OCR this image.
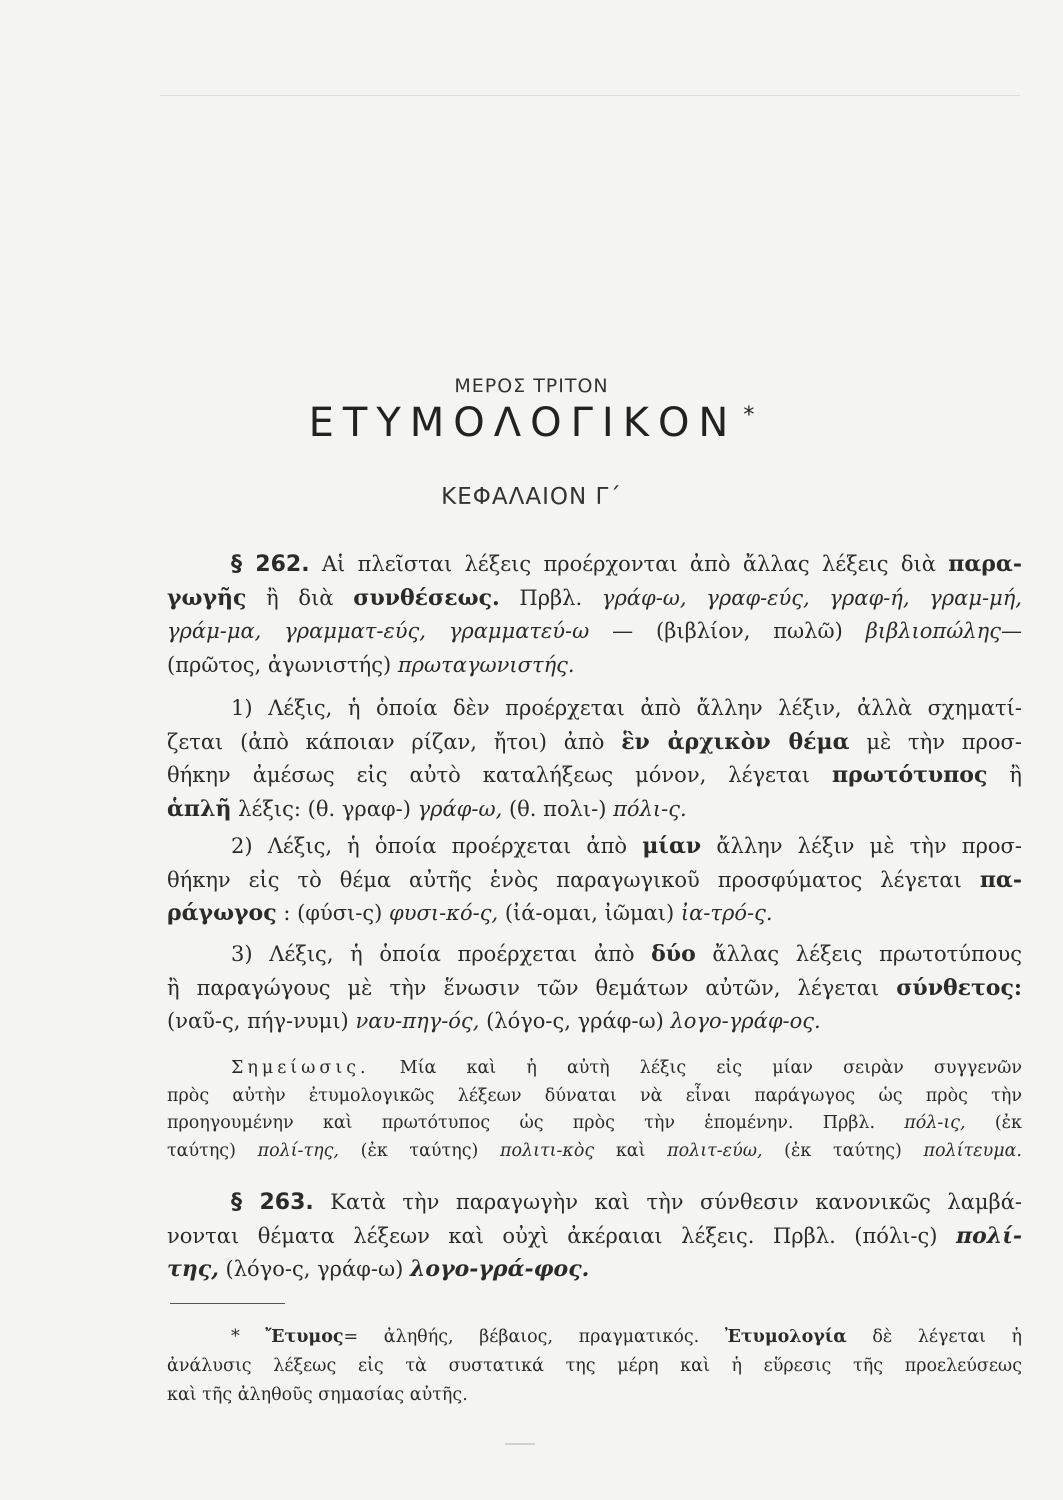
ΜΕΡΟΣ ΤΡΙΤΟΝ
ΕΤΥΜΟΛΟΓΙΚΟΝ *
ΚΕΦΑΛΑΙΟΝ Γ΄
§ 262. Αἱ πλεῖσται λέξεις προέρχονται ἀπὸ ἄλλας λέξεις διὰ παρα-
γωγῆς ἢ διὰ συνθέσεως. Πρβλ. γράφ-ω, γραφ-εύς, γραφ-ή, γραμ-μή,
γράμ-μα, γραμματ-εύς, γραμματεύ-ω — (βιβλίον, πωλῶ) βιβλιοπώλης—
(πρῶτος, ἀγωνιστής) πρωταγωνιστής.
1) Λέξις, ἡ ὁποία δὲν προέρχεται ἀπὸ ἄλλην λέξιν, ἀλλὰ σχηματί-
ζεται (ἀπὸ κάποιαν ρίζαν, ἤτοι) ἀπὸ ἓν ἀρχικὸν θέμα μὲ τὴν προσ-
θήκην ἀμέσως εἰς αὐτὸ καταλήξεως μόνον, λέγεται πρωτότυπος ἢ
ἁπλῆ λέξις: (θ. γραφ-) γράφ-ω, (θ. πολι-) πόλι-ς.
2) Λέξις, ἡ ὁποία προέρχεται ἀπὸ μίαν ἄλλην λέξιν μὲ τὴν προσ-
θήκην εἰς τὸ θέμα αὐτῆς ἑνὸς παραγωγικοῦ προσφύματος λέγεται πα-
ράγωγος : (φύσι-ς) φυσι-κό-ς, (ἰά-ομαι, ἰῶμαι) ἰα-τρό-ς.
3) Λέξις, ἡ ὁποία προέρχεται ἀπὸ δύο ἄλλας λέξεις πρωτοτύπους
ἢ παραγώγους μὲ τὴν ἕνωσιν τῶν θεμάτων αὐτῶν, λέγεται σύνθετος:
(ναῦ-ς, πήγ-νυμι) ναυ-πηγ-ός, (λόγο-ς, γράφ-ω) λογο-γράφ-ος.
Σημείωσις. Μία καὶ ἡ αὐτὴ λέξις εἰς μίαν σειρὰν συγγενῶν
πρὸς αὐτὴν ἐτυμολογικῶς λέξεων δύναται νὰ εἶναι παράγωγος ὡς πρὸς τὴν
προηγουμένην καὶ πρωτότυπος ὡς πρὸς τὴν ἑπομένην. Πρβλ. πόλ-ις, (ἐκ
ταύτης) πολί-της, (ἐκ ταύτης) πολιτι-κὸς καὶ πολιτ-εύω, (ἐκ ταύτης) πολίτευμα.
§ 263. Κατὰ τὴν παραγωγὴν καὶ τὴν σύνθεσιν κανονικῶς λαμβά-
νονται θέματα λέξεων καὶ οὐχὶ ἀκέραιαι λέξεις. Πρβλ. (πόλι-ς) πολί-
της, (λόγο-ς, γράφ-ω) λογο-γρά-φος.
* Ἔτυμος= ἀληθής, βέβαιος, πραγματικός. Ἐτυμολογία δὲ λέγεται ἡ
ἀνάλυσις λέξεως εἰς τὰ συστατικά της μέρη καὶ ἡ εὕρεσις τῆς προελεύσεως
καὶ τῆς ἀληθοῦς σημασίας αὐτῆς.
